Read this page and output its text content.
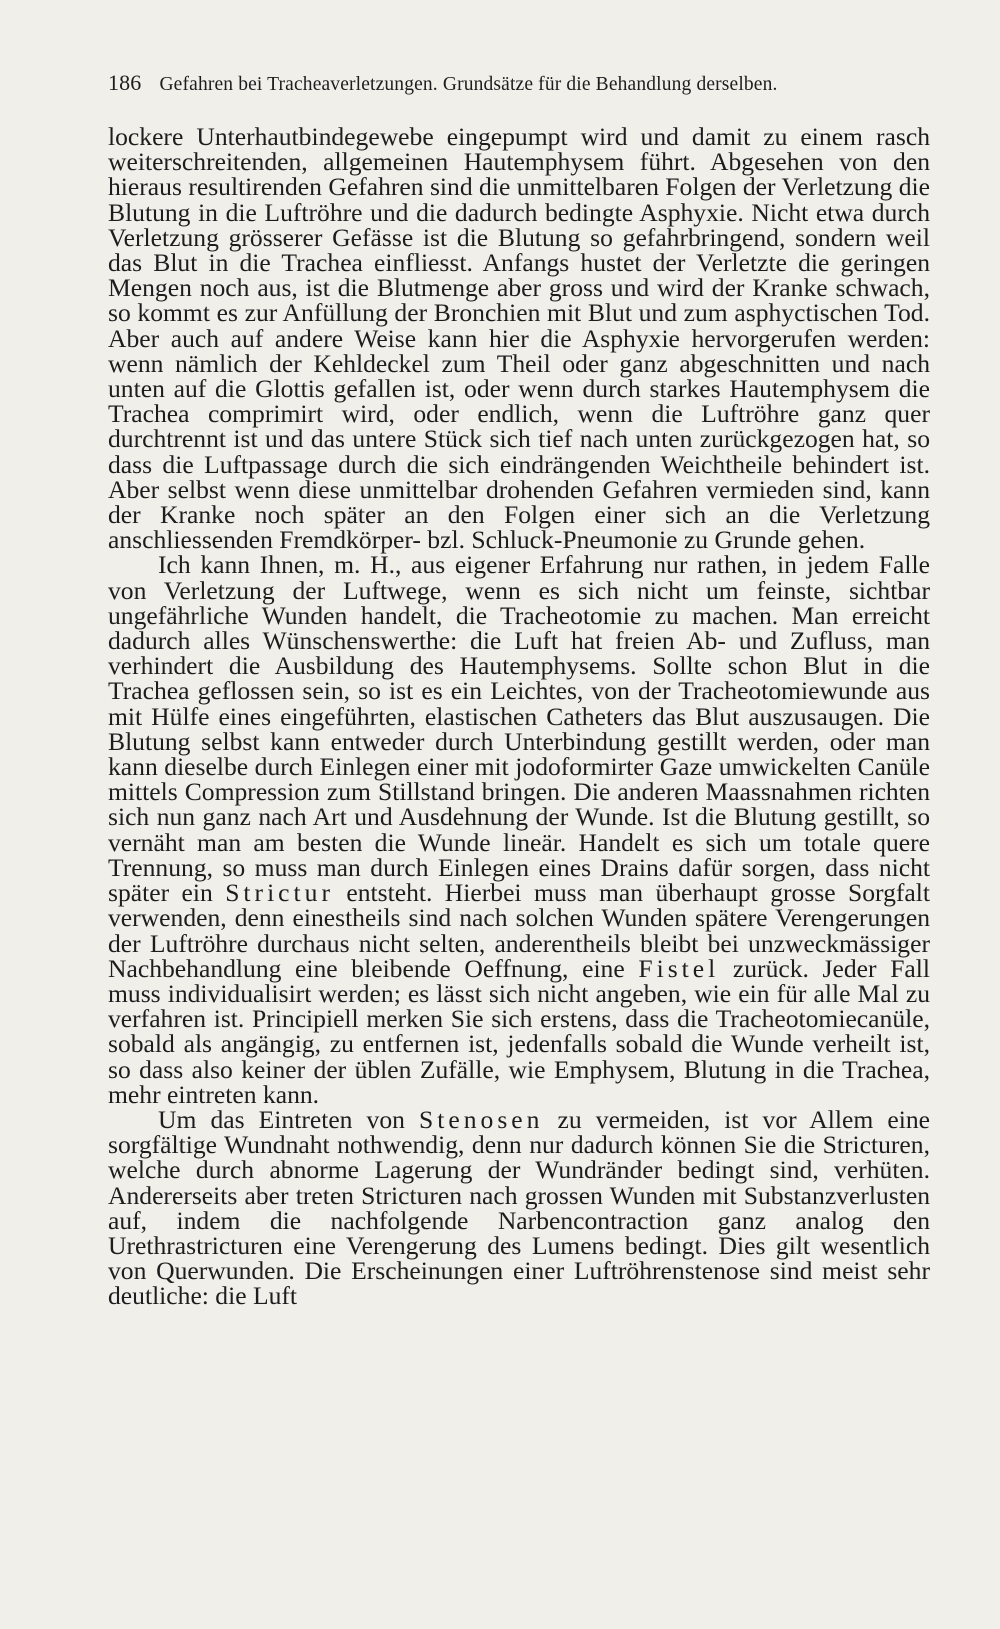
186 Gefahren bei Tracheaverletzungen. Grundsätze für die Behandlung derselben.

lockere Unterhautbindegewebe eingepumpt wird und damit zu einem rasch weiterschreitenden, allgemeinen Hautemphysem führt. Abgesehen von den hieraus resultirenden Gefahren sind die unmittelbaren Folgen der Verletzung die Blutung in die Luftröhre und die dadurch bedingte Asphyxie. Nicht etwa durch Verletzung grösserer Gefässe ist die Blutung so gefahrbringend, sondern weil das Blut in die Trachea einfliesst. Anfangs hustet der Verletzte die geringen Mengen noch aus, ist die Blutmenge aber gross und wird der Kranke schwach, so kommt es zur Anfüllung der Bronchien mit Blut und zum asphyctischen Tod. Aber auch auf andere Weise kann hier die Asphyxie hervorgerufen werden: wenn nämlich der Kehldeckel zum Theil oder ganz abgeschnitten und nach unten auf die Glottis gefallen ist, oder wenn durch starkes Hautemphysem die Trachea comprimirt wird, oder endlich, wenn die Luftröhre ganz quer durchtrennt ist und das untere Stück sich tief nach unten zurückgezogen hat, so dass die Luftpassage durch die sich eindrängenden Weichtheile behindert ist. Aber selbst wenn diese unmittelbar drohenden Gefahren vermieden sind, kann der Kranke noch später an den Folgen einer sich an die Verletzung anschliessenden Fremdkörper- bzl. Schluck-Pneumonie zu Grunde gehen.

Ich kann Ihnen, m. H., aus eigener Erfahrung nur rathen, in jedem Falle von Verletzung der Luftwege, wenn es sich nicht um feinste, sichtbar ungefährliche Wunden handelt, die Tracheotomie zu machen. Man erreicht dadurch alles Wünschenswerthe: die Luft hat freien Ab- und Zufluss, man verhindert die Ausbildung des Hautemphysems. Sollte schon Blut in die Trachea geflossen sein, so ist es ein Leichtes, von der Tracheotomiewunde aus mit Hülfe eines eingeführten, elastischen Catheters das Blut auszusaugen. Die Blutung selbst kann entweder durch Unterbindung gestillt werden, oder man kann dieselbe durch Einlegen einer mit jodoformirter Gaze umwickelten Canüle mittels Compression zum Stillstand bringen. Die anderen Maassnahmen richten sich nun ganz nach Art und Ausdehnung der Wunde. Ist die Blutung gestillt, so vernäht man am besten die Wunde lineär. Handelt es sich um totale quere Trennung, so muss man durch Einlegen eines Drains dafür sorgen, dass nicht später ein Strictur entsteht. Hierbei muss man überhaupt grosse Sorgfalt verwenden, denn einestheils sind nach solchen Wunden spätere Verengerungen der Luftröhre durchaus nicht selten, anderentheils bleibt bei unzweckmässiger Nachbehandlung eine bleibende Oeffnung, eine Fistel zurück. Jeder Fall muss individualisirt werden; es lässt sich nicht angeben, wie ein für alle Mal zu verfahren ist. Principiell merken Sie sich erstens, dass die Tracheotomiecanüle, sobald als angängig, zu entfernen ist, jedenfalls sobald die Wunde verheilt ist, so dass also keiner der üblen Zufälle, wie Emphysem, Blutung in die Trachea, mehr eintreten kann.

Um das Eintreten von Stenosen zu vermeiden, ist vor Allem eine sorgfältige Wundnaht nothwendig, denn nur dadurch können Sie die Stricturen, welche durch abnorme Lagerung der Wundränder bedingt sind, verhüten. Andererseits aber treten Stricturen nach grossen Wunden mit Substanzverlusten auf, indem die nachfolgende Narbencontraction ganz analog den Urethrastricturen eine Verengerung des Lumens bedingt. Dies gilt wesentlich von Querwunden. Die Erscheinungen einer Luftröhrenstenose sind meist sehr deutliche: die Luft
